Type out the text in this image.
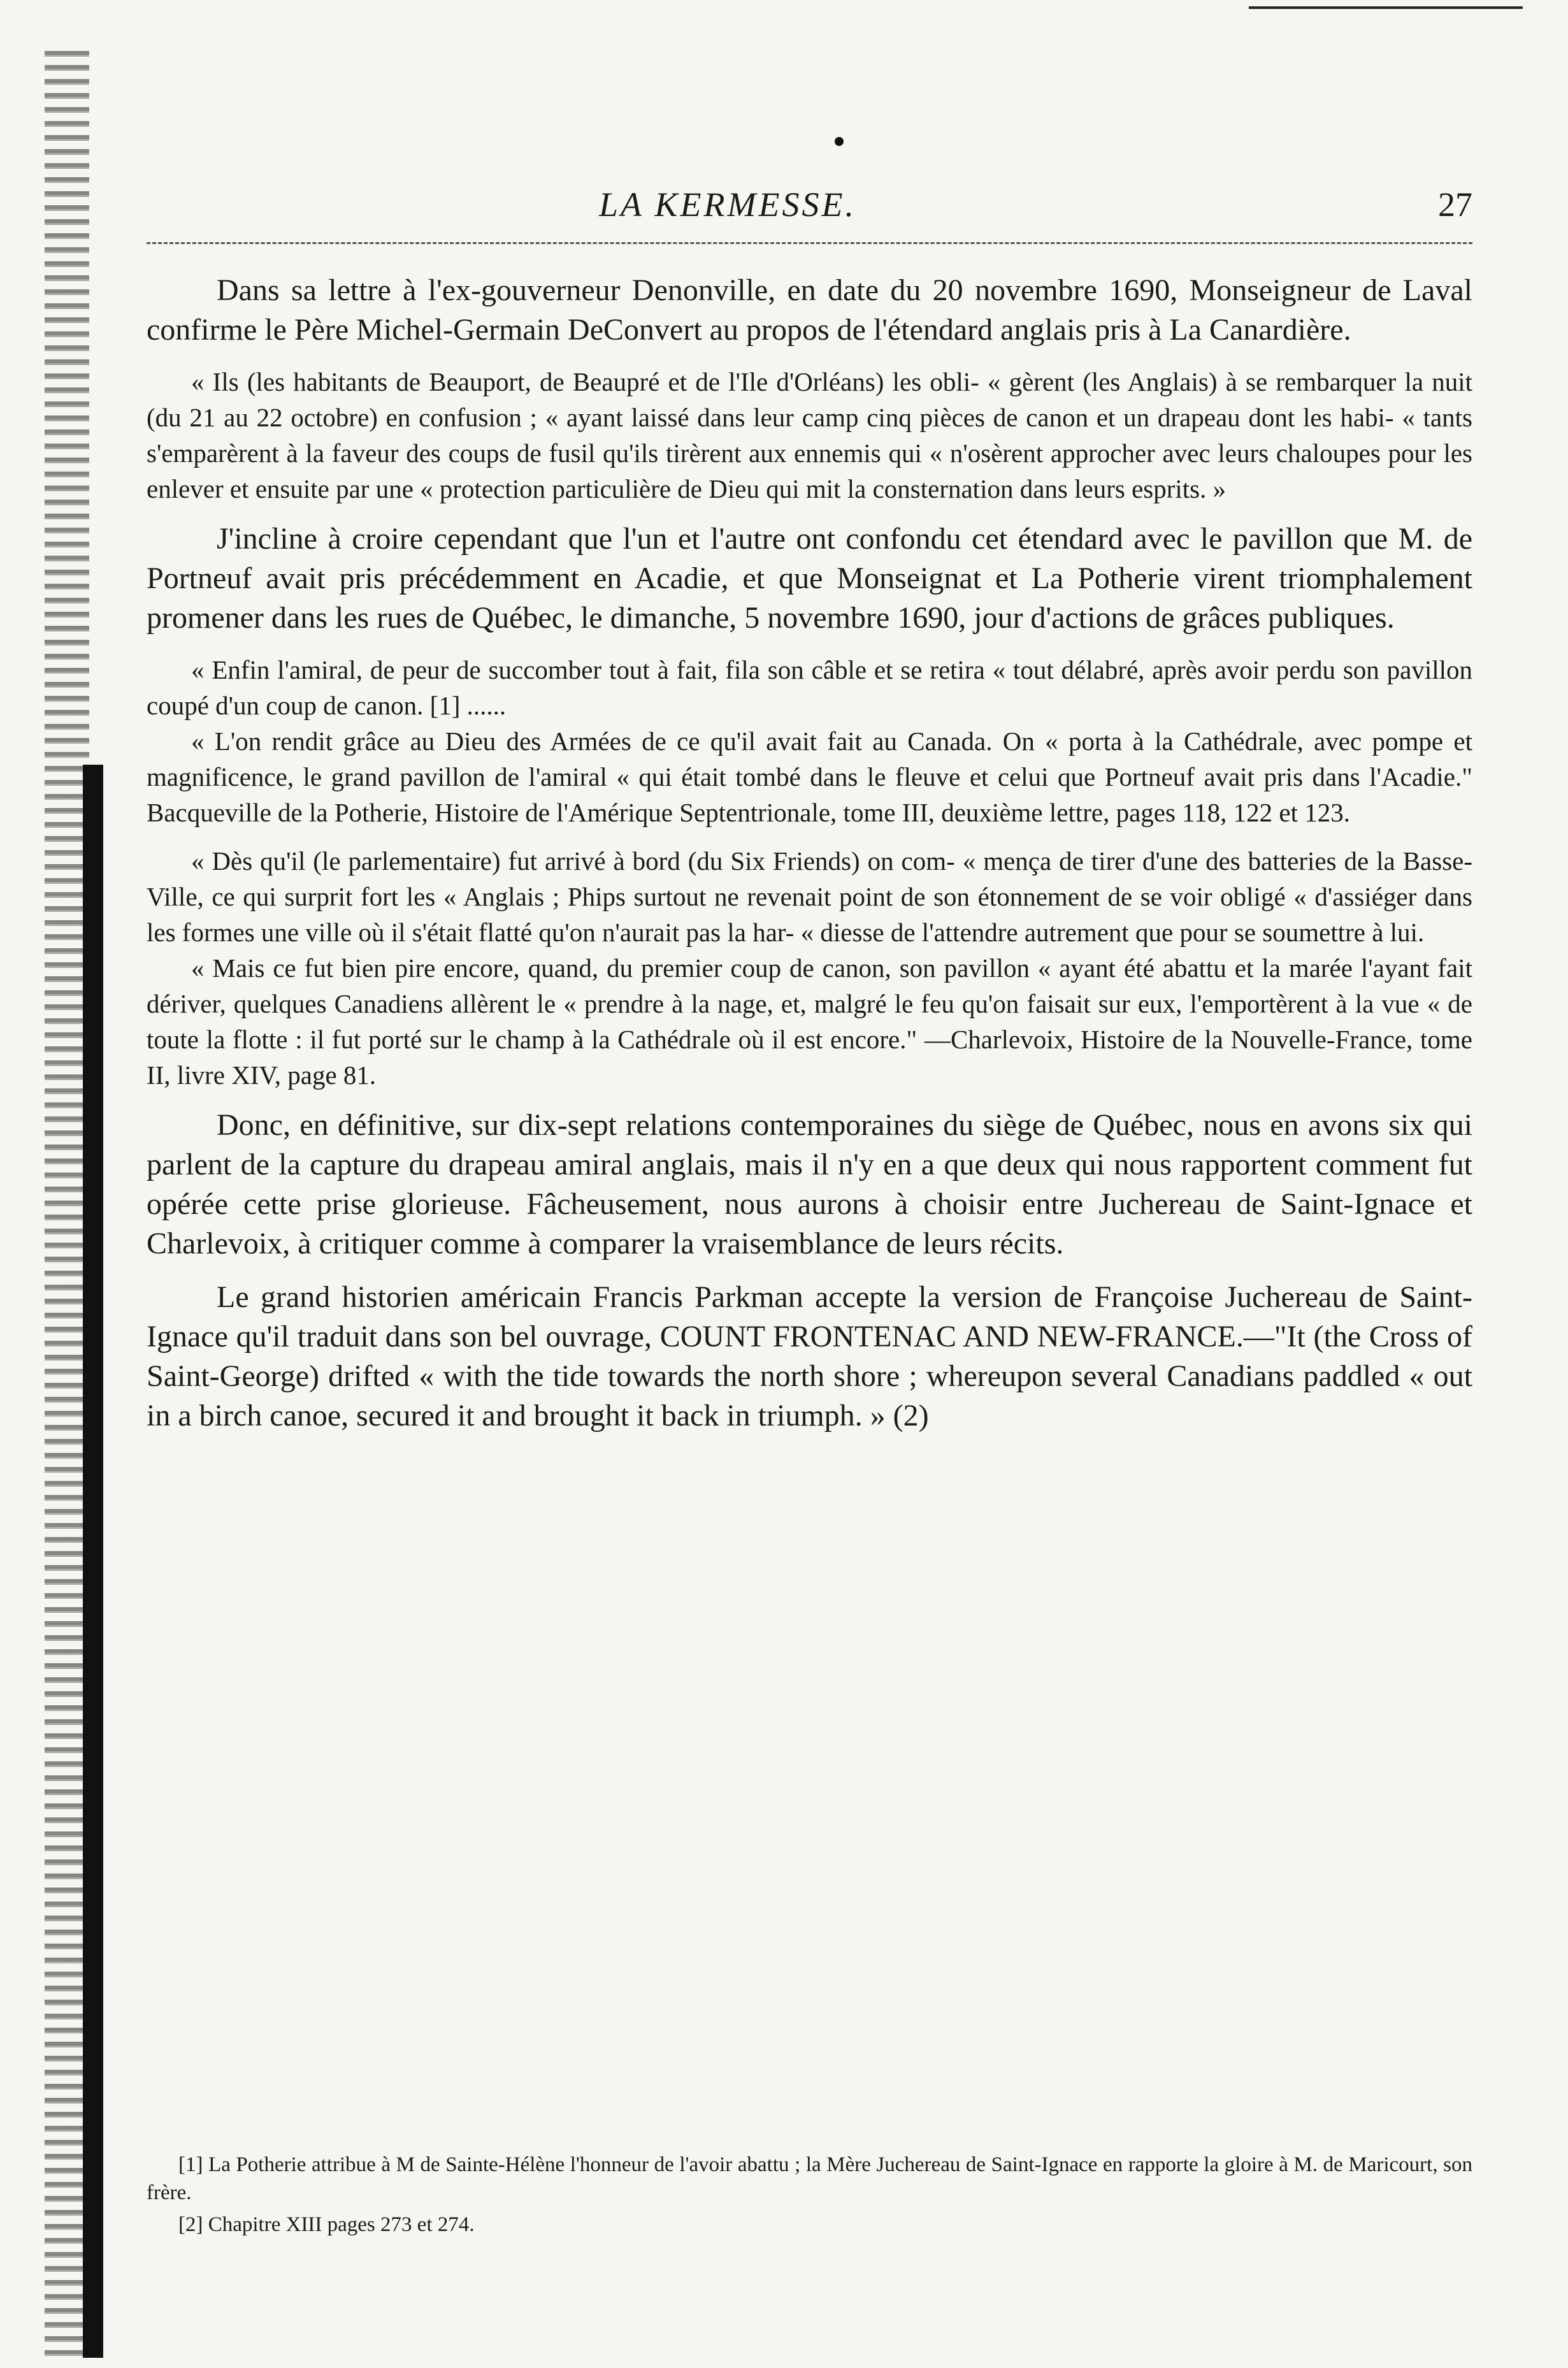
LA KERMESSE.	27

Dans sa lettre à l'ex-gouverneur Denonville, en date du 20 novembre 1690, Monseigneur de Laval confirme le Père Michel-Germain DeConvert au propos de l'étendard anglais pris à La Canardière.

« Ils (les habitants de Beauport, de Beaupré et de l'Ile d'Orléans) les obli- « gèrent (les Anglais) à se rembarquer la nuit (du 21 au 22 octobre) en confusion ; « ayant laissé dans leur camp cinq pièces de canon et un drapeau dont les habi- « tants s'emparèrent à la faveur des coups de fusil qu'ils tirèrent aux ennemis qui « n'osèrent approcher avec leurs chaloupes pour les enlever et ensuite par une « protection particulière de Dieu qui mit la consternation dans leurs esprits. »

J'incline à croire cependant que l'un et l'autre ont confondu cet étendard avec le pavillon que M. de Portneuf avait pris précédemment en Acadie, et que Monseignat et La Potherie virent triomphalement promener dans les rues de Québec, le dimanche, 5 novembre 1690, jour d'actions de grâces publiques.

« Enfin l'amiral, de peur de succomber tout à fait, fila son câble et se retira « tout délabré, après avoir perdu son pavillon coupé d'un coup de canon. [1] ......

« L'on rendit grâce au Dieu des Armées de ce qu'il avait fait au Canada. On « porta à la Cathédrale, avec pompe et magnificence, le grand pavillon de l'amiral « qui était tombé dans le fleuve et celui que Portneuf avait pris dans l'Acadie." Bacqueville de la Potherie, Histoire de l'Amérique Septentrionale, tome III, deuxième lettre, pages 118, 122 et 123.

« Dès qu'il (le parlementaire) fut arrivé à bord (du Six Friends) on com- « mença de tirer d'une des batteries de la Basse-Ville, ce qui surprit fort les « Anglais ; Phips surtout ne revenait point de son étonnement de se voir obligé « d'assiéger dans les formes une ville où il s'était flatté qu'on n'aurait pas la har- « diesse de l'attendre autrement que pour se soumettre à lui.

« Mais ce fut bien pire encore, quand, du premier coup de canon, son pavillon « ayant été abattu et la marée l'ayant fait dériver, quelques Canadiens allèrent le « prendre à la nage, et, malgré le feu qu'on faisait sur eux, l'emportèrent à la vue « de toute la flotte : il fut porté sur le champ à la Cathédrale où il est encore." —Charlevoix, Histoire de la Nouvelle-France, tome II, livre XIV, page 81.

Donc, en définitive, sur dix-sept relations contemporaines du siège de Québec, nous en avons six qui parlent de la capture du drapeau amiral anglais, mais il n'y en a que deux qui nous rapportent comment fut opérée cette prise glorieuse. Fâcheusement, nous aurons à choisir entre Juchereau de Saint-Ignace et Charlevoix, à critiquer comme à comparer la vraisemblance de leurs récits.

Le grand historien américain Francis Parkman accepte la version de Françoise Juchereau de Saint-Ignace qu'il traduit dans son bel ouvrage, COUNT FRONTENAC AND NEW-FRANCE.—"It (the Cross of Saint-George) drifted « with the tide towards the north shore ; whereupon several Canadians paddled « out in a birch canoe, secured it and brought it back in triumph. » (2)

[1] La Potherie attribue à M de Sainte-Hélène l'honneur de l'avoir abattu ; la Mère Juchereau de Saint-Ignace en rapporte la gloire à M. de Maricourt, son frère.

[2] Chapitre XIII pages 273 et 274.
